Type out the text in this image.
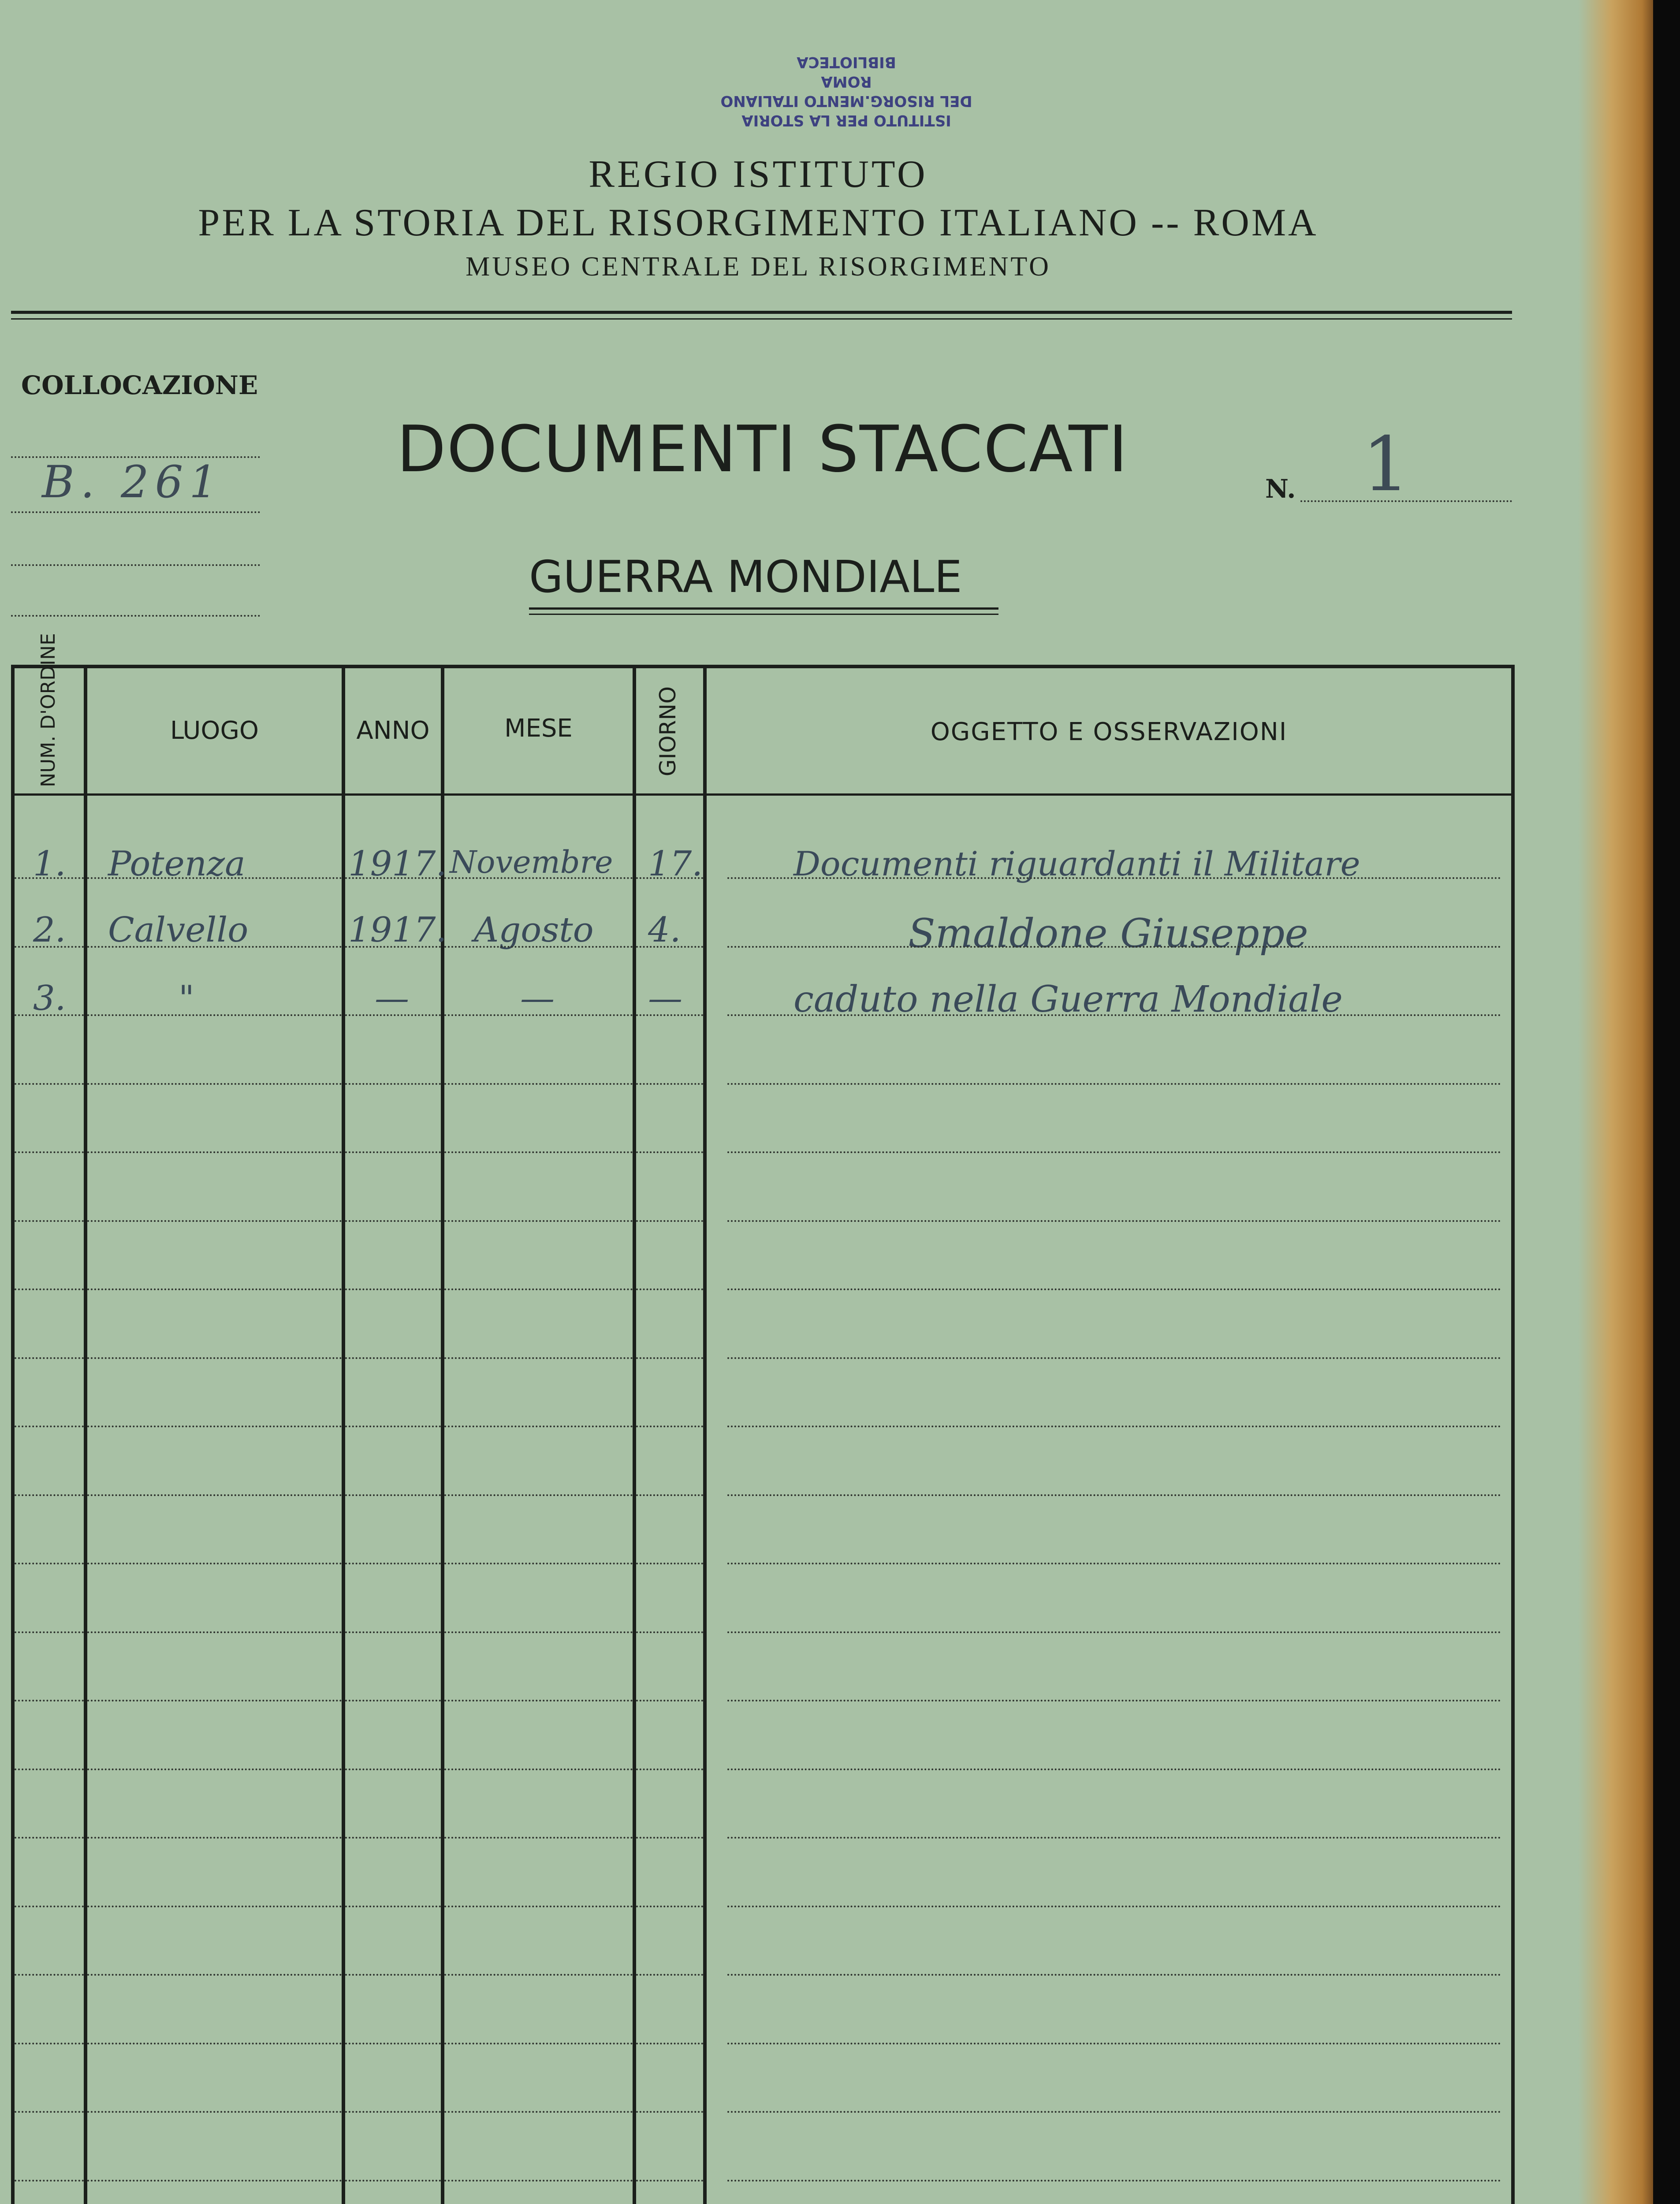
ISTITUTO PER LA STORIA
DEL RISORG.MENTO ITALIANO
ROMA
BIBLIOTECA
REGIO ISTITUTO
PER LA STORIA DEL RISORGIMENTO ITALIANO -- ROMA
MUSEO CENTRALE DEL RISORGIMENTO
COLLOCAZIONE
B. 261	DOCUMENTI STACCATI
N. 1
GUERRA MONDIALE
NUM. D'ORDINE	LUOGO	ANNO	MESE	GIORNO	OGGETTO E OSSERVAZIONI
1. Potenza	1917. Novembre 17.	Documenti riguardanti il Militare
2. Calvello	1917. Agosto 4.	Smaldone Giuseppe
3.	"	—	—	—	caduto nella Guerra Mondiale
